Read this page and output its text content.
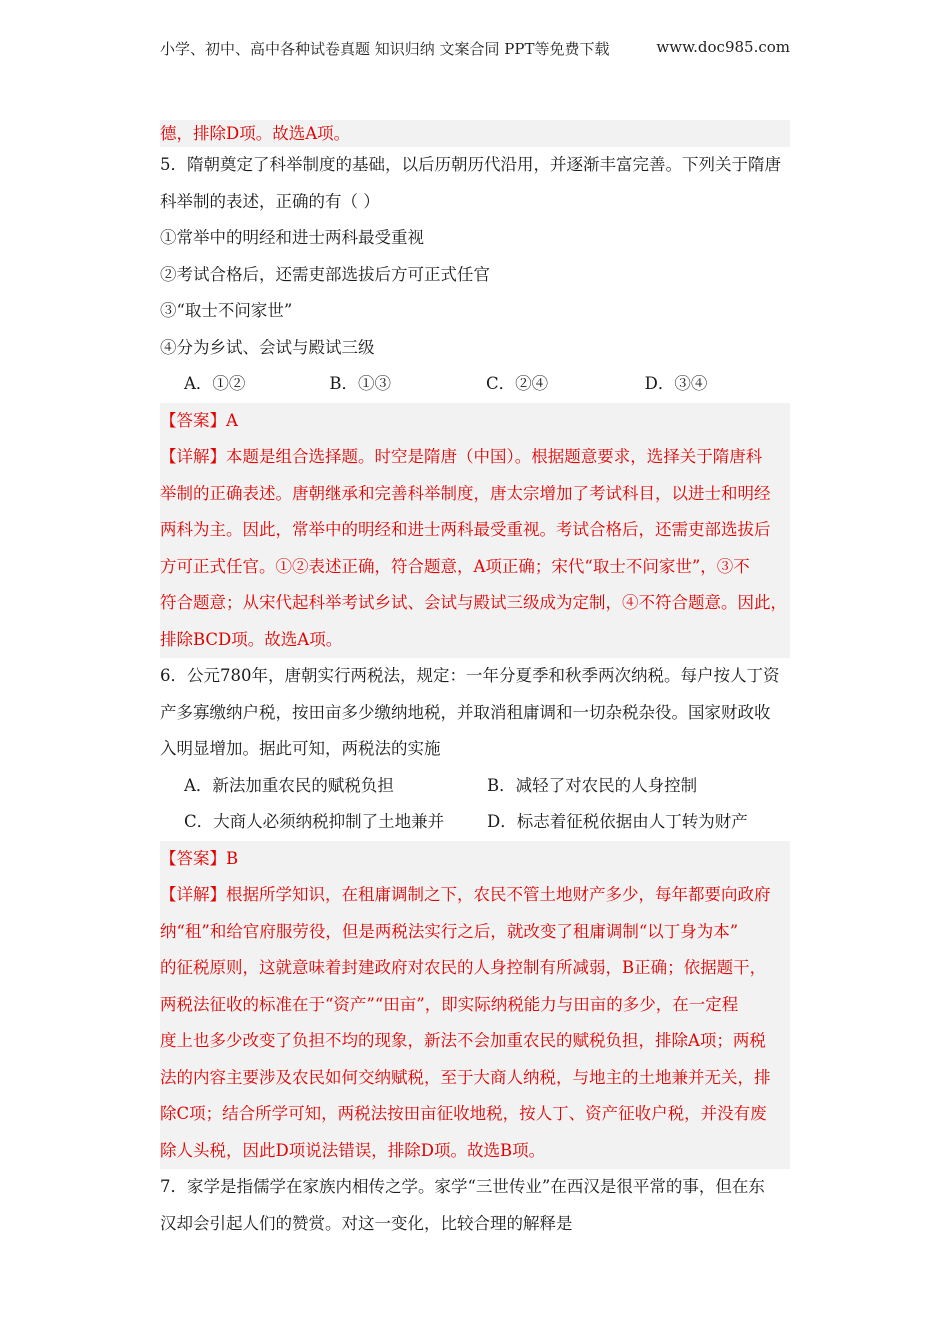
小学、初中、高中各种试卷真题 知识归纳 文案合同 PPT等免费下载	www.doc985.com
德，排除D项。故选A项。
5．隋朝奠定了科举制度的基础，以后历朝历代沿用，并逐渐丰富完善。下列关于隋唐
科举制的表述，正确的有（ ）
①常举中的明经和进士两科最受重视
②考试合格后，还需吏部选拔后方可正式任官
③“取士不问家世”
④分为乡试、会试与殿试三级
A．①②	B．①③	C．②④	D．③④
【答案】A
【详解】本题是组合选择题。时空是隋唐（中国）。根据题意要求，选择关于隋唐科
举制的正确表述。唐朝继承和完善科举制度，唐太宗增加了考试科目，以进士和明经
两科为主。因此，常举中的明经和进士两科最受重视。考试合格后，还需吏部选拔后
方可正式任官。①②表述正确，符合题意，A项正确；宋代“取士不问家世”，③不
符合题意；从宋代起科举考试乡试、会试与殿试三级成为定制，④不符合题意。因此，
排除BCD项。故选A项。
6．公元780年，唐朝实行两税法，规定：一年分夏季和秋季两次纳税。每户按人丁资
产多寡缴纳户税，按田亩多少缴纳地税，并取消租庸调和一切杂税杂役。国家财政收
入明显增加。据此可知，两税法的实施
A．新法加重农民的赋税负担	B．减轻了对农民的人身控制
C．大商人必须纳税抑制了土地兼并	D．标志着征税依据由人丁转为财产
【答案】B
【详解】根据所学知识，在租庸调制之下，农民不管土地财产多少，每年都要向政府
纳“租”和给官府服劳役，但是两税法实行之后，就改变了租庸调制“以丁身为本”
的征税原则，这就意味着封建政府对农民的人身控制有所减弱，B正确；依据题干，
两税法征收的标准在于“资产”“田亩”，即实际纳税能力与田亩的多少，在一定程
度上也多少改变了负担不均的现象，新法不会加重农民的赋税负担，排除A项；两税
法的内容主要涉及农民如何交纳赋税，至于大商人纳税，与地主的土地兼并无关，排
除C项；结合所学可知，两税法按田亩征收地税，按人丁、资产征收户税，并没有废
除人头税，因此D项说法错误，排除D项。故选B项。
7．家学是指儒学在家族内相传之学。家学“三世传业”在西汉是很平常的事，但在东
汉却会引起人们的赞赏。对这一变化，比较合理的解释是
